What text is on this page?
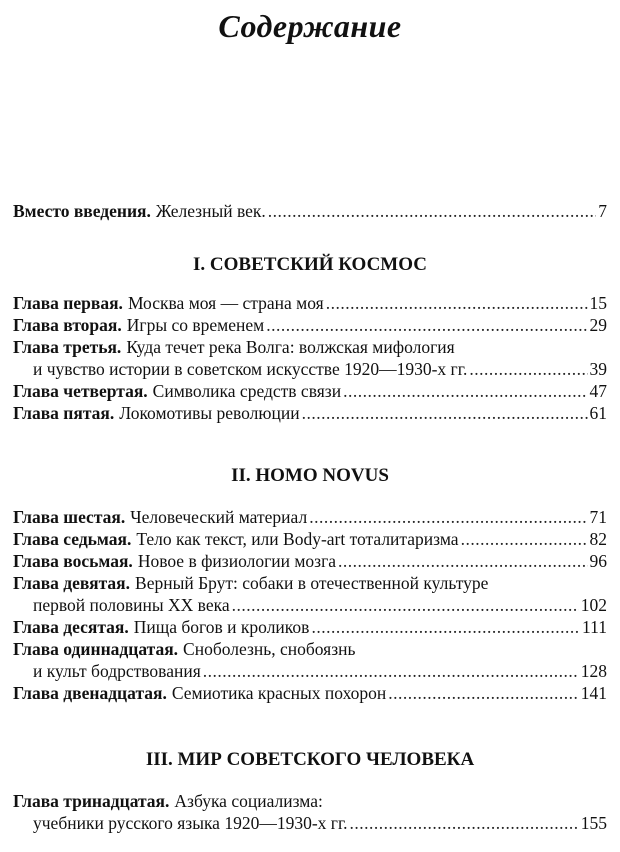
Содержание
Вместо введения. Железный век. .....	7
I. СОВЕТСКИЙ КОСМОС
Глава первая. Москва моя — страна моя .....	15
Глава вторая. Игры со временем .....	29
Глава третья. Куда течет река Волга: волжская мифология
и чувство истории в советском искусстве 1920—1930-х гг. .....	39
Глава четвертая. Символика средств связи .....	47
Глава пятая. Локомотивы революции .....	61
II. HOMO NOVUS
Глава шестая. Человеческий материал .....	71
Глава седьмая. Тело как текст, или Body-art тоталитаризма .....	82
Глава восьмая. Новое в физиологии мозга .....	96
Глава девятая. Верный Брут: собаки в отечественной культуре
первой половины XX века .....	102
Глава десятая. Пища богов и кроликов .....	111
Глава одиннадцатая. Сноболезнь, снобоязнь
и культ бодрствования .....	128
Глава двенадцатая. Семиотика красных похорон .....	141
III. МИР СОВЕТСКОГО ЧЕЛОВЕКА
Глава тринадцатая. Азбука социализма:
учебники русского языка 1920—1930-х гг. .....	155
